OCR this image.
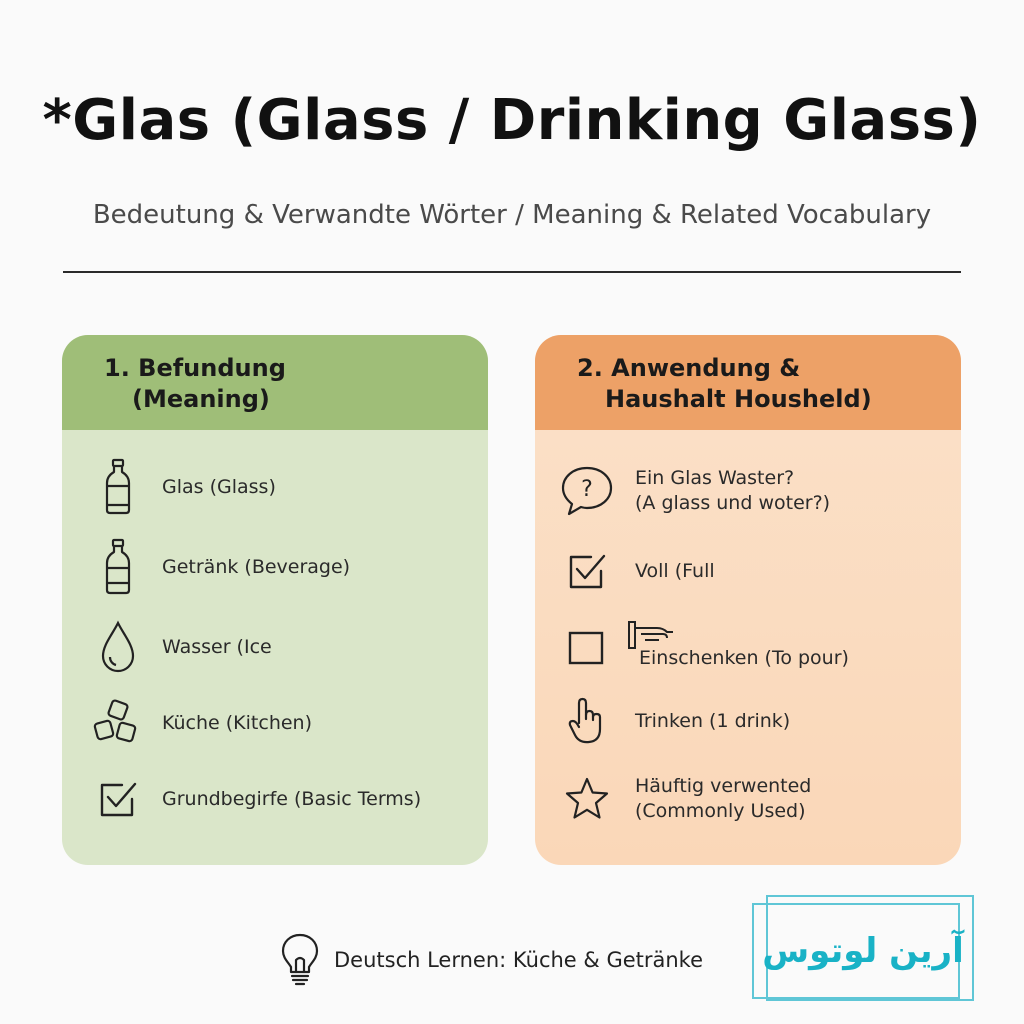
*Glas (Glass / Drinking Glass)
Bedeutung & Verwandte Wörter / Meaning & Related Vocabulary
1. Befundung
(Meaning)
Glas (Glass)
Getränk (Beverage)
Wasser (Ice
Küche (Kitchen)
Grundbegirfe (Basic Terms)
2. Anwendung &
Haushalt Housheld)
? Ein Glas Waster?
(A glass und woter?)
Voll (Full
Einschenken (To pour)
Trinken (1 drink)
Häuftig verwented
(Commonly Used)
Deutsch Lernen: Küche & Getränke	آرین لوتوس
